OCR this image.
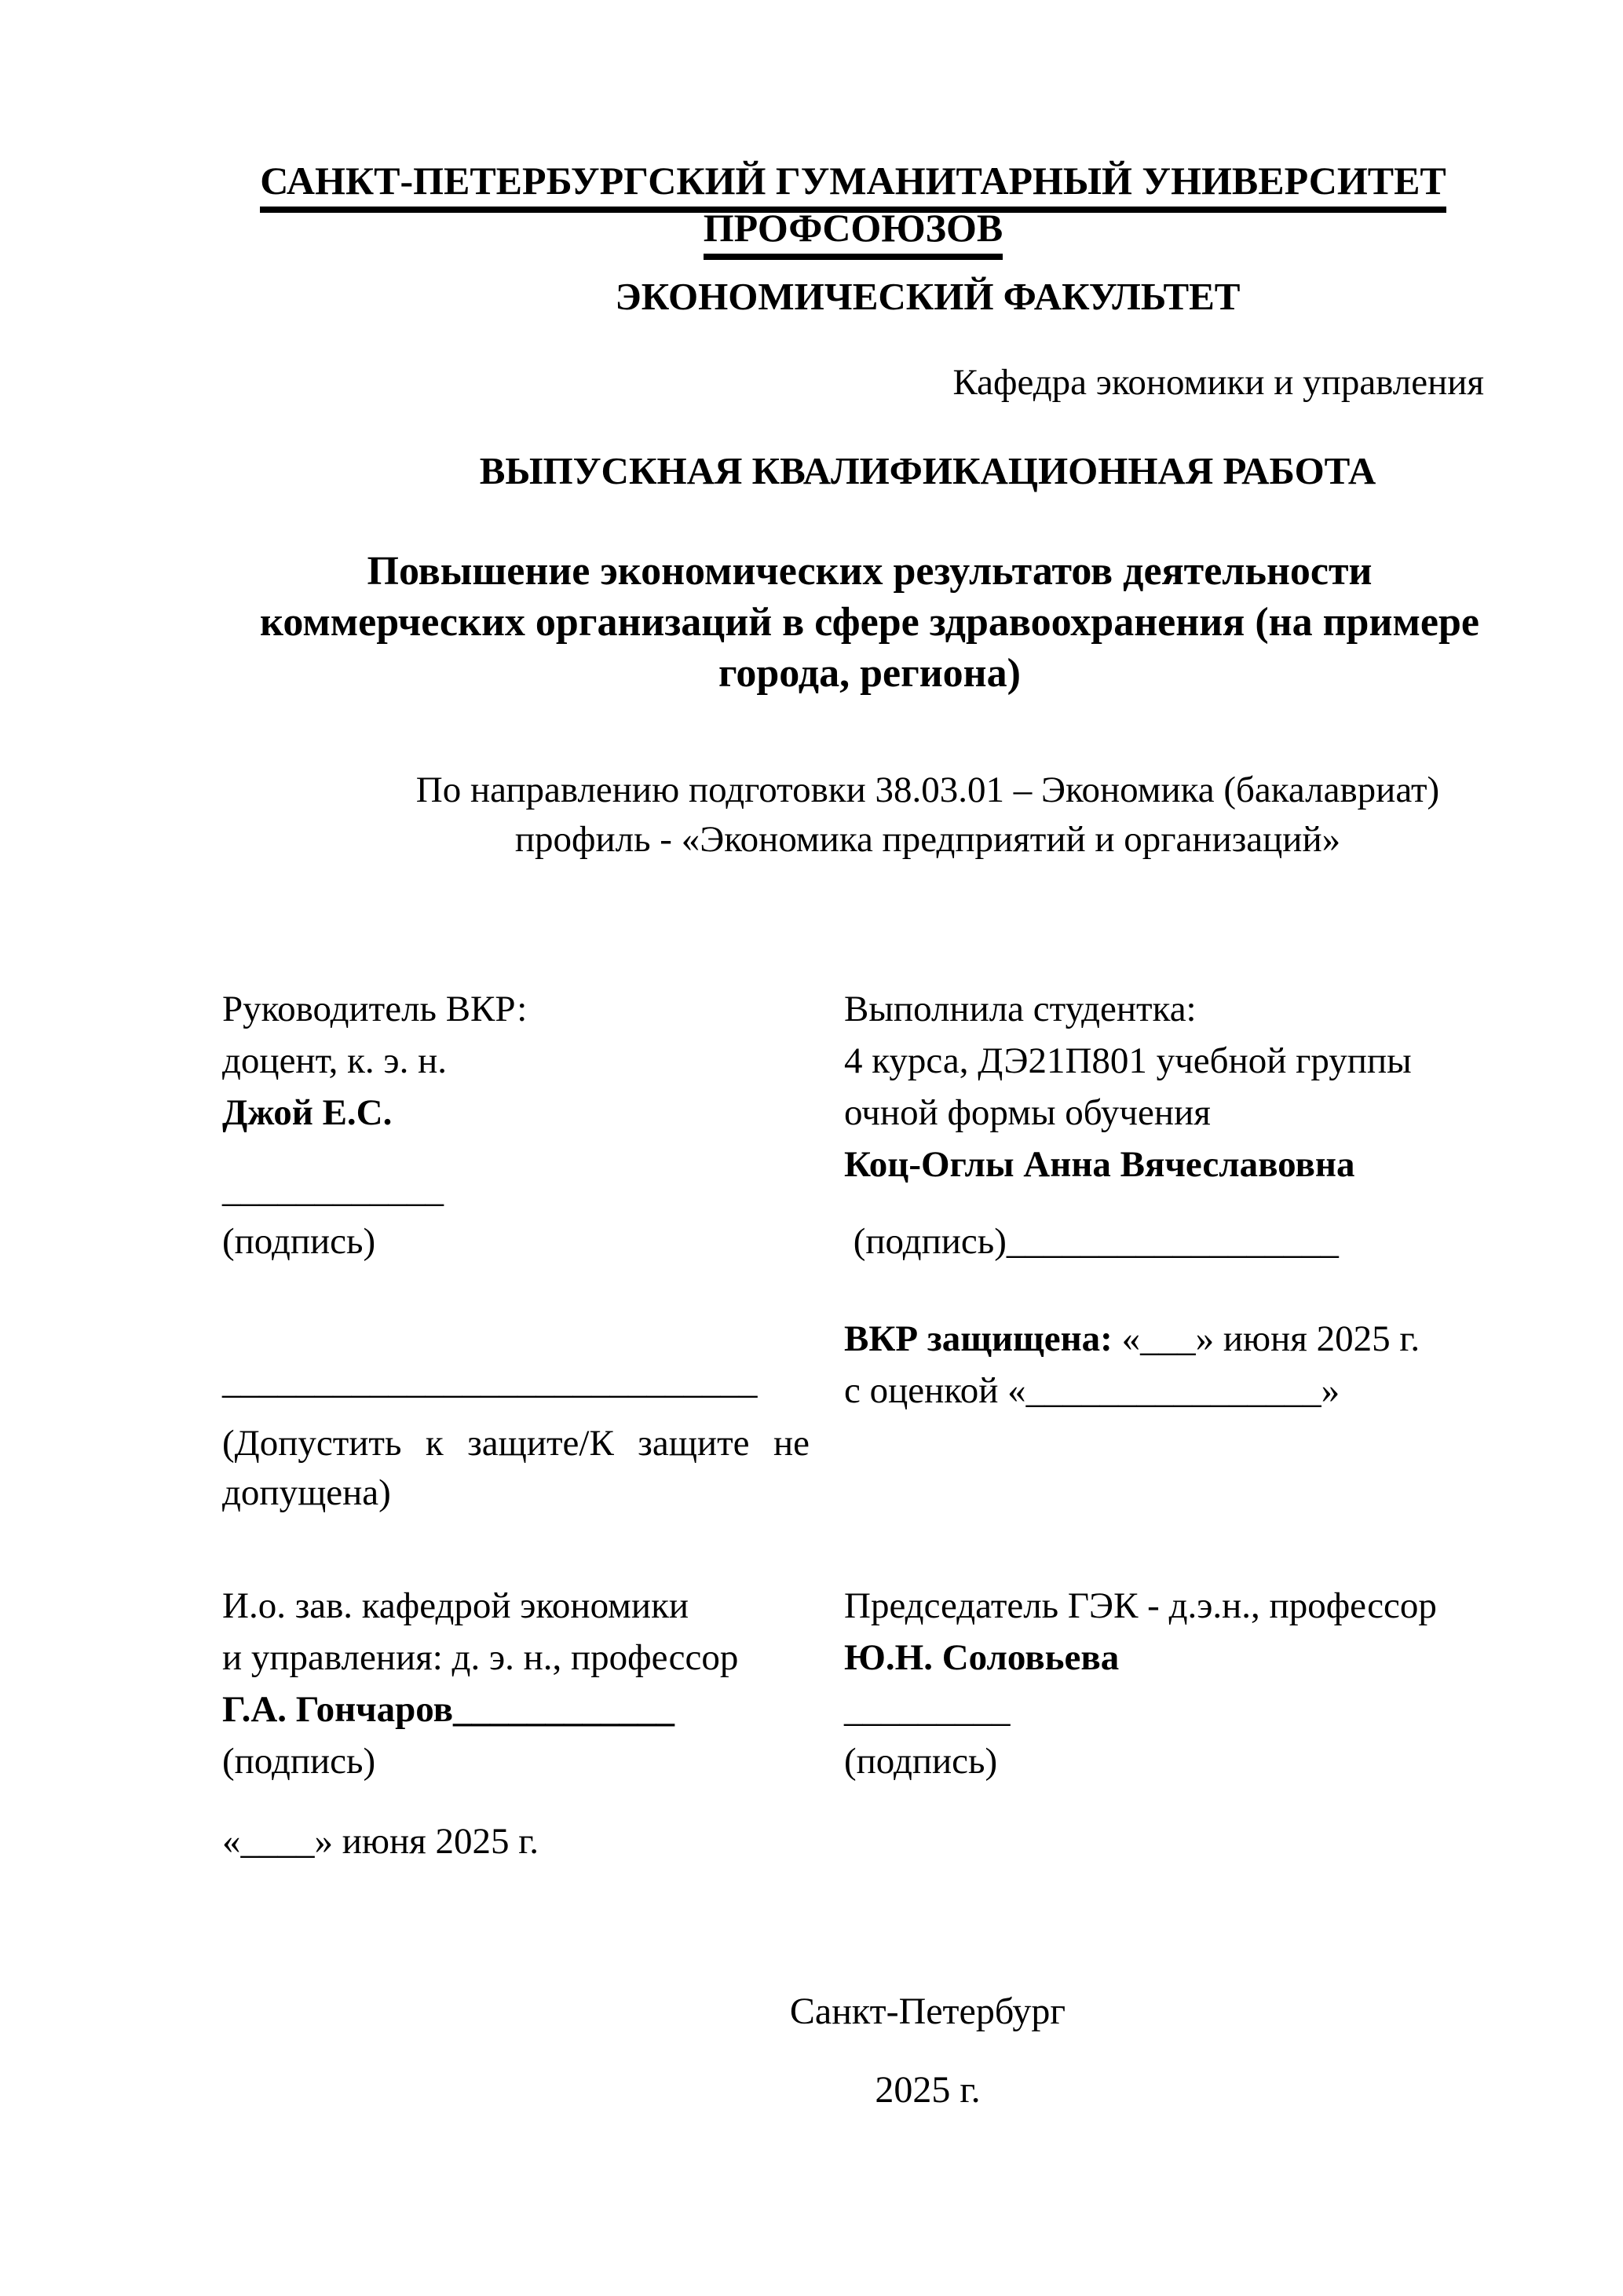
САНКТ-ПЕТЕРБУРГСКИЙ ГУМАНИТАРНЫЙ УНИВЕРСИТЕТ ПРОФСОЮЗОВ
ЭКОНОМИЧЕСКИЙ ФАКУЛЬТЕТ
Кафедра экономики и управления
ВЫПУСКНАЯ КВАЛИФИКАЦИОННАЯ РАБОТА
Повышение экономических результатов деятельности
коммерческих организаций в сфере здравоохранения (на примере
города, региона)
По направлению подготовки 38.03.01 – Экономика (бакалавриат)
профиль - «Экономика предприятий и организаций»
Руководитель ВКР:
доцент, к. э. н.
Джой Е.С.
____________
(подпись)
Выполнила студентка:
4 курса, ДЭ21П801 учебной группы
очной формы обучения
Коц-Оглы Анна Вячеславовна
(подпись)__________________
ВКР защищена: «___» июня 2025 г.
с оценкой «________________»
_____________________________
(Допустить к защите/К защите не
допущена)
И.о. зав. кафедрой экономики
и управления: д. э. н., профессор
Г.А. Гончаров____________
(подпись)
Председатель ГЭК - д.э.н., профессор
Ю.Н. Соловьева
_________
(подпись)
«____» июня 2025 г.
Санкт-Петербург
2025 г.
